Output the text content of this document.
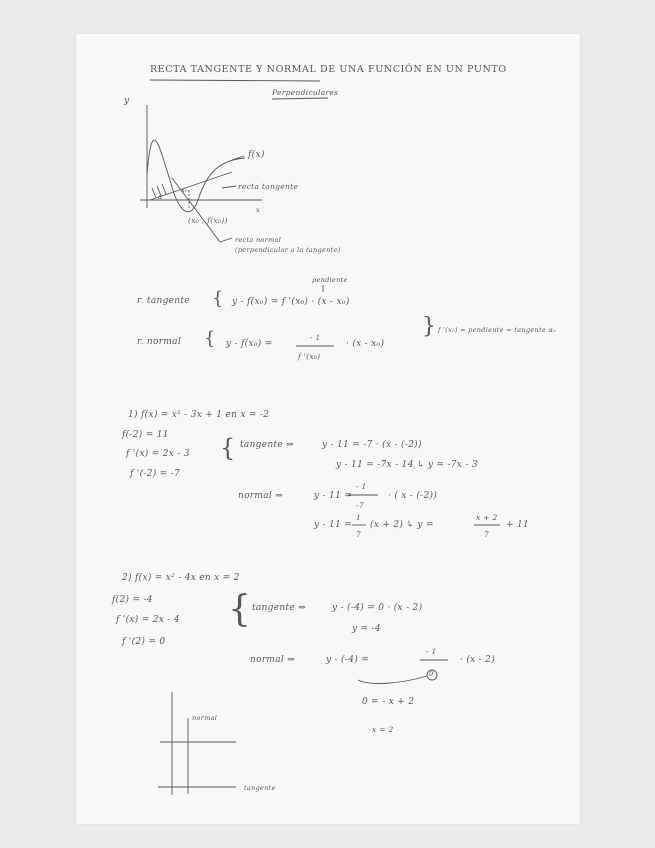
RECTA TANGENTE Y NORMAL DE UNA FUNCIÓN EN UN PUNTO
Perpendiculares
y
x
f(x)
x₀
α
(x₀ , f(x₀))
recta tangente
recta normal
(perpendicular a la tangente)
pendiente
r. tangente { y - f(x₀) = f '(x₀) · (x - x₀)
r. normal { y - f(x₀) =
- 1
f '(x₀)
· (x - x₀)
} f '(x₀) = pendiente = tangente α₀
1) f(x) = x² - 3x + 1 en x = -2
f(-2) = 11
f '(x) = 2x - 3
f '(-2) = -7
{ tangente ⇒	y - 11 = -7 · (x - (-2))
y - 11 = -7x - 14 ↳ y = -7x - 3
normal ⇒	y - 11 =
- 1
-7
· ( x - (-2))
y - 11 =
1
7
(x + 2) ↳ y =
x + 2
7
+ 11
2) f(x) = x² - 4x en x = 2
f(2) = -4
f '(x) = 2x - 4
f '(2) = 0
{ tangente ⇒	y - (-4) = 0 · (x - 2)
y = -4
normal ⇒	y - (-4) =
- 1
0
· (x - 2)
0 = - x + 2
x = 2
normal
tangente
